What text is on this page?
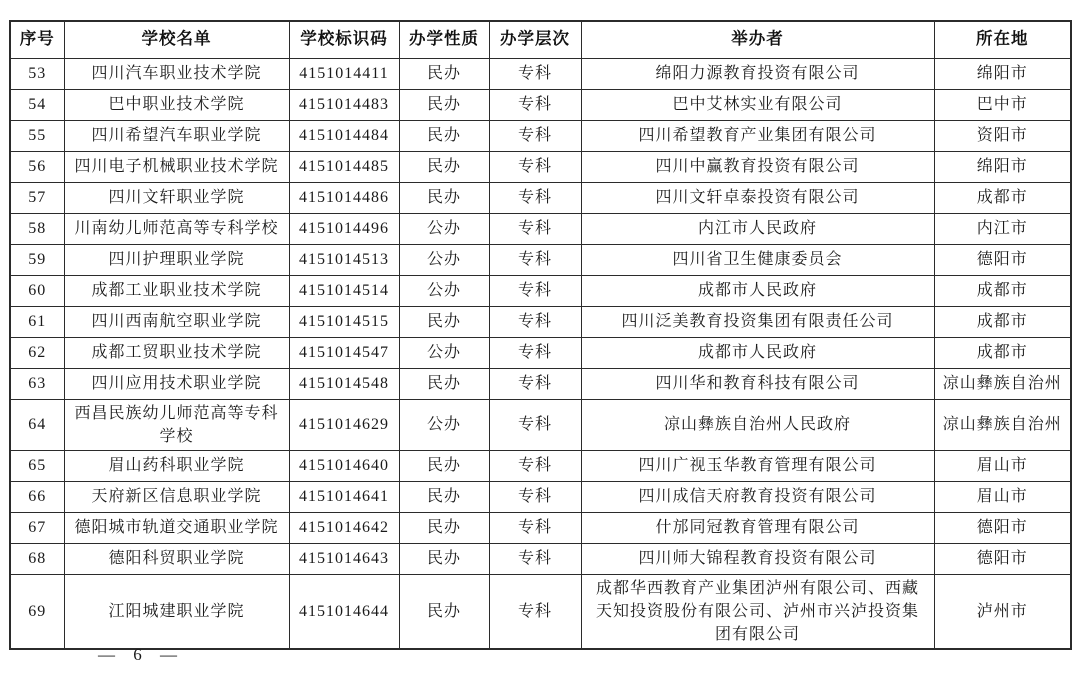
序号	学校名单	学校标识码	办学性质	办学层次	举办者	所在地
53	四川汽车职业技术学院	4151014411	民办	专科	绵阳力源教育投资有限公司	绵阳市
54	巴中职业技术学院	4151014483	民办	专科	巴中艾林实业有限公司	巴中市
55	四川希望汽车职业学院	4151014484	民办	专科	四川希望教育产业集团有限公司	资阳市
56	四川电子机械职业技术学院	4151014485	民办	专科	四川中赢教育投资有限公司	绵阳市
57	四川文轩职业学院	4151014486	民办	专科	四川文轩卓泰投资有限公司	成都市
58	川南幼儿师范高等专科学校	4151014496	公办	专科	内江市人民政府	内江市
59	四川护理职业学院	4151014513	公办	专科	四川省卫生健康委员会	德阳市
60	成都工业职业技术学院	4151014514	公办	专科	成都市人民政府	成都市
61	四川西南航空职业学院	4151014515	民办	专科	四川泛美教育投资集团有限责任公司	成都市
62	成都工贸职业技术学院	4151014547	公办	专科	成都市人民政府	成都市
63	四川应用技术职业学院	4151014548	民办	专科	四川华和教育科技有限公司	凉山彝族自治州
64	西昌民族幼儿师范高等专科学校	4151014629	公办	专科	凉山彝族自治州人民政府	凉山彝族自治州
65	眉山药科职业学院	4151014640	民办	专科	四川广视玉华教育管理有限公司	眉山市
66	天府新区信息职业学院	4151014641	民办	专科	四川成信天府教育投资有限公司	眉山市
67	德阳城市轨道交通职业学院	4151014642	民办	专科	什邡同冠教育管理有限公司	德阳市
68	德阳科贸职业学院	4151014643	民办	专科	四川师大锦程教育投资有限公司	德阳市
69	江阳城建职业学院	4151014644	民办	专科	成都华西教育产业集团泸州有限公司、西藏天知投资股份有限公司、泸州市兴泸投资集团有限公司	泸州市
— 6 —
